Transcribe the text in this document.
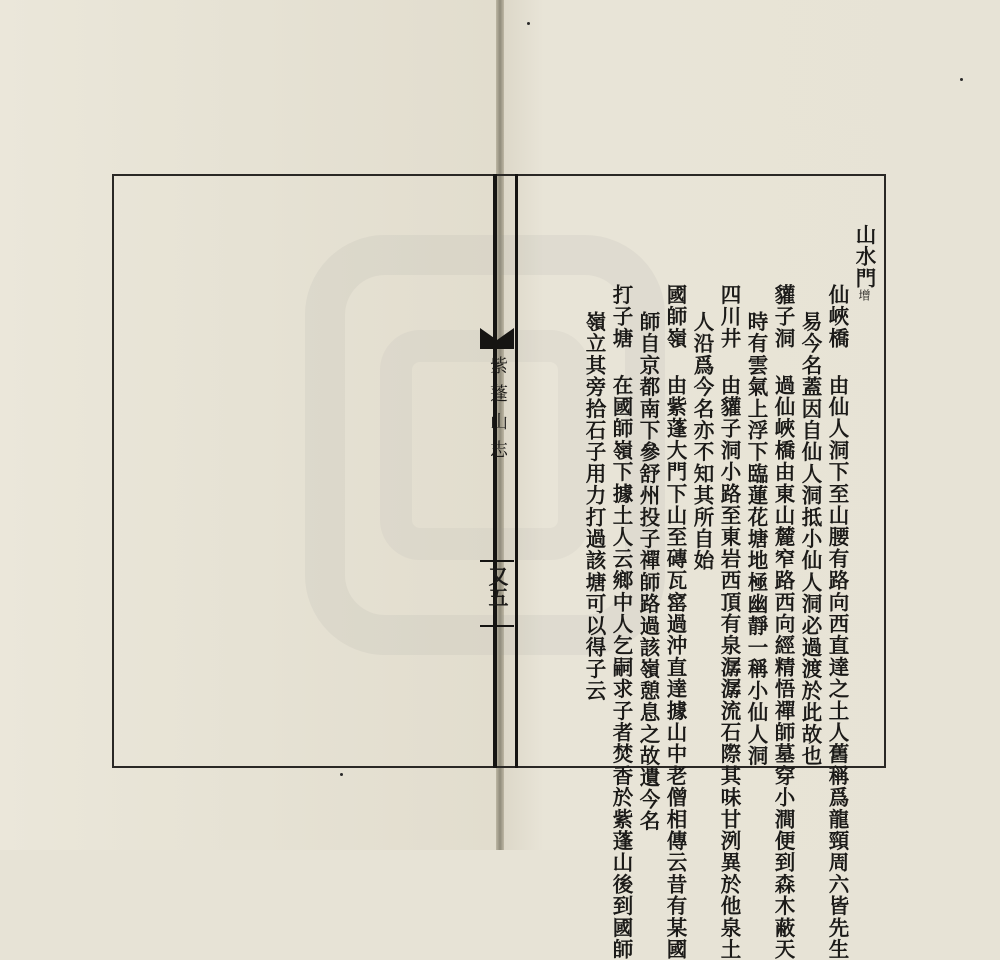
紫蓬山志
又五
山水門增
仙峽橋 由仙人洞下至山腰有路向西直達之土人舊稱爲龍頸周六皆先生
易今名蓋因自仙人洞抵小仙人洞必過渡於此故也
貛子洞 過仙峽橋由東山麓窄路西向經精悟禪師墓穿小澗便到森木蔽天
時有雲氣上浮下臨蓮花塘地極幽靜一稱小仙人洞
四川井 由貛子洞小路至東岩西頂有泉潺潺流石際其味甘洌異於他泉土
人沿爲今名亦不知其所自始
國師嶺 由紫蓬大門下山至磚瓦窰過沖直達據山中老僧相傳云昔有某國
師自京都南下參舒州投子禪師路過該嶺憩息之故遺今名
打子塘 在國師嶺下據土人云鄉中人乞嗣求子者焚香於紫蓬山後到國師
嶺立其旁拾石子用力打過該塘可以得子云
